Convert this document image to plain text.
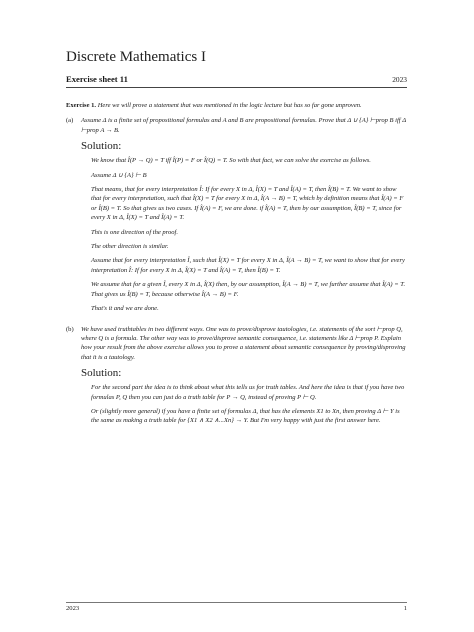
Discrete Mathematics I
Exercise sheet 11	2023

Exercise 1. Here we will prove a statement that was mentioned in the logic lecture but has so far gone unproven.

(a)	Assume Δ is a finite set of propositional formulas and A and B are propositional formulas. Prove that Δ ∪ {A} ⊢prop B iff Δ ⊢prop A → B.

Solution:

We know that Î(P → Q) = T iff Î(P) = F or Î(Q) = T. So with that fact, we can solve the exercise as follows.

Assume Δ ∪ {A} ⊢ B

That means, that for every interpretation Î: If for every X in Δ, Î(X) = T and Î(A) = T, then Î(B) = T. We want to show that for every interpretation, such that Î(X) = T for every X in Δ, Î(A → B) = T, which by definition means that Î(A) = F or Î(B) = T. So that gives us two cases. If Î(A) = F, we are done. if Î(A) = T, then by our assumption, Î(B) = T, since for every X in Δ, Î(X) = T and Î(A) = T.

This is one direction of the proof.

The other direction is similar.

Assume that for every interpretation Î, such that Î(X) = T for every X in Δ, Î(A → B) = T, we want to show that for every interpretation Î: If for every X in Δ, Î(X) = T and Î(A) = T, then Î(B) = T.

We assume that for a given Î, every X in Δ, Î(X) then, by our assumption, Î(A → B) = T, we further assume that Î(A) = T. That gives us Î(B) = T, because otherwise Î(A → B) = F.

That's it and we are done.

(b)	We have used truthtables in two different ways. One was to prove/disprove tautologies, i.e. statements of the sort ⊢prop Q, where Q is a formula. The other way was to prove/disprove semantic consequence, i.e. statements like Δ ⊢prop P. Explain how your result from the above exercise allows you to prove a statement about semantic consequence by proving/disproving that it is a tautology.

Solution:

For the second part the idea is to think about what this tells us for truth tables. And here the idea is that if you have two formulas P, Q then you can just do a truth table for P → Q, instead of proving P ⊢ Q.

Or (slightly more general) if you have a finite set of formulas Δ, that has the elements X1 to Xn, then proving Δ ⊢ Y is the same as making a truth table for {X1 ∧ X2 ∧...Xn} → Y. But I'm very happy with just the first answer here.

2023	1
